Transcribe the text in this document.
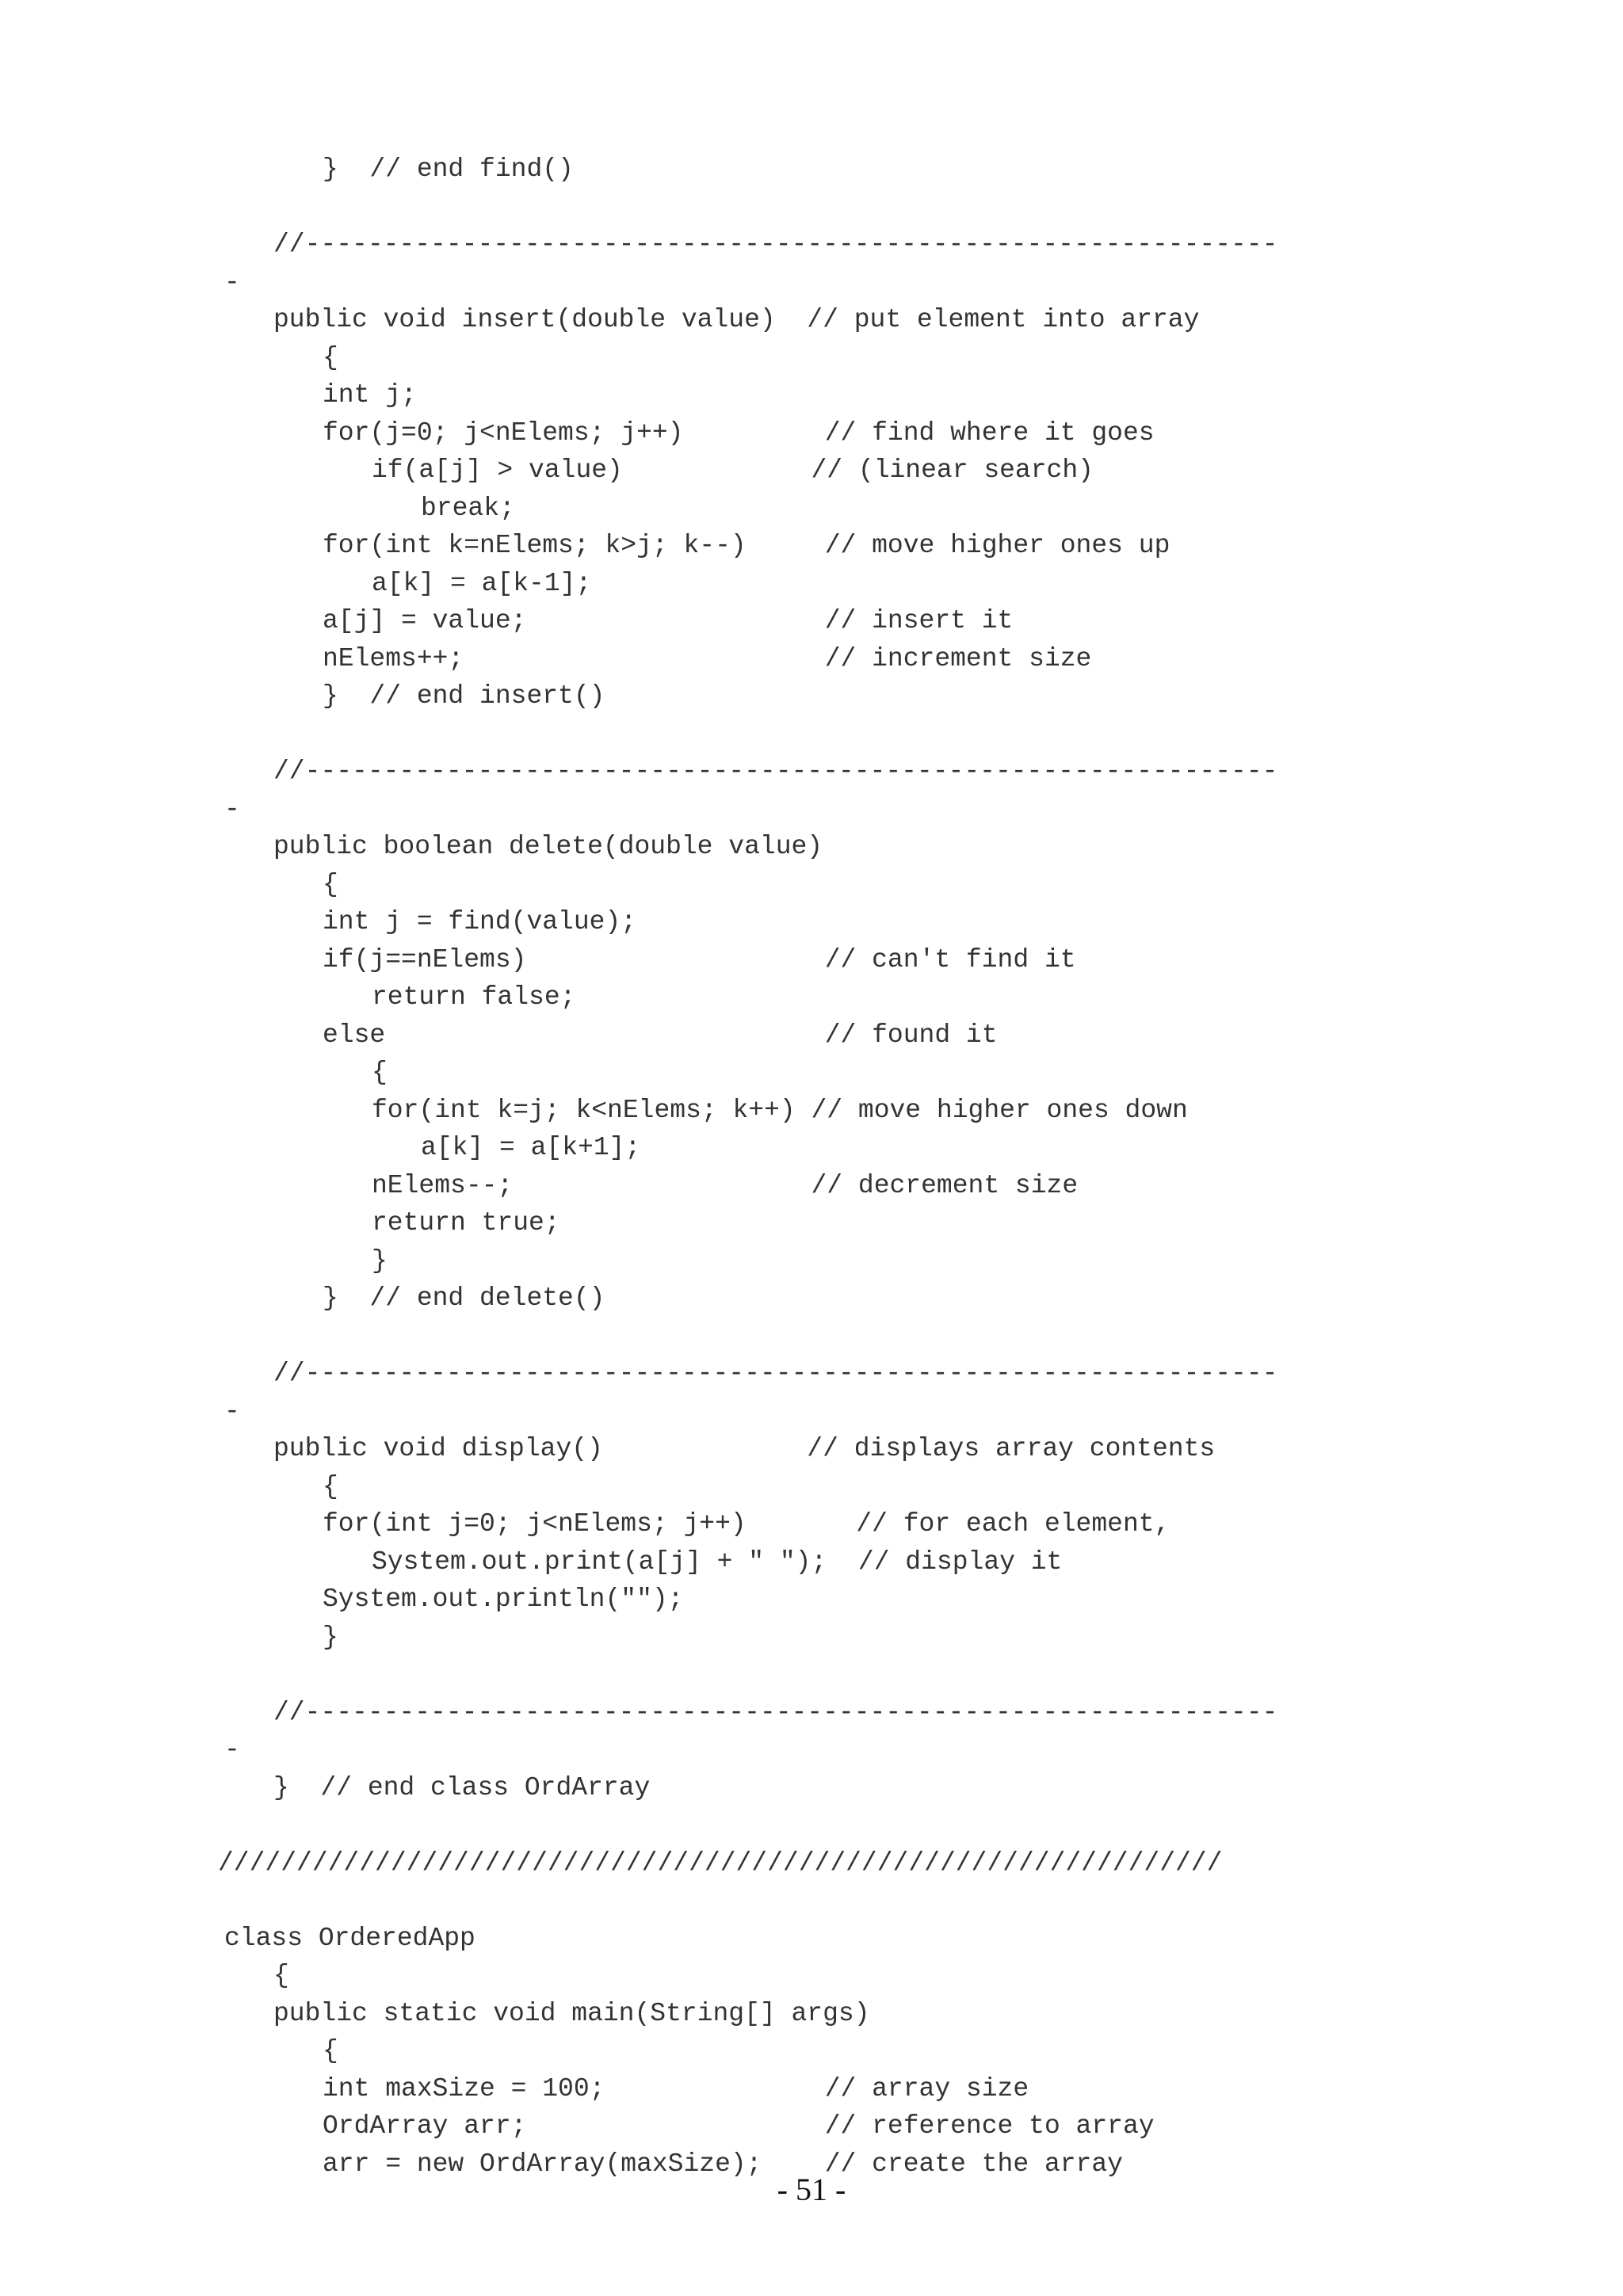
}  // end find()
//--------------------------------------------------------------
-
public void insert(double value)  // put element into array
{
int j;
for(j=0; j<nElems; j++)         // find where it goes
if(a[j] > value)            // (linear search)
break;
for(int k=nElems; k>j; k--)     // move higher ones up
a[k] = a[k-1];
a[j] = value;                   // insert it
nElems++;                       // increment size
}  // end insert()
//--------------------------------------------------------------
-
public boolean delete(double value)
{
int j = find(value);
if(j==nElems)                   // can't find it
return false;
else                            // found it
{
for(int k=j; k<nElems; k++) // move higher ones down
a[k] = a[k+1];
nElems--;                   // decrement size
return true;
}
}  // end delete()
//--------------------------------------------------------------
-
public void display()             // displays array contents
{
for(int j=0; j<nElems; j++)       // for each element,
System.out.print(a[j] + " ");  // display it
System.out.println("");
}
//--------------------------------------------------------------
-
}  // end class OrdArray
////////////////////////////////////////////////////////////////
class OrderedApp
{
public static void main(String[] args)
{
int maxSize = 100;              // array size
OrdArray arr;                   // reference to array
arr = new OrdArray(maxSize);    // create the array
- 51 -
